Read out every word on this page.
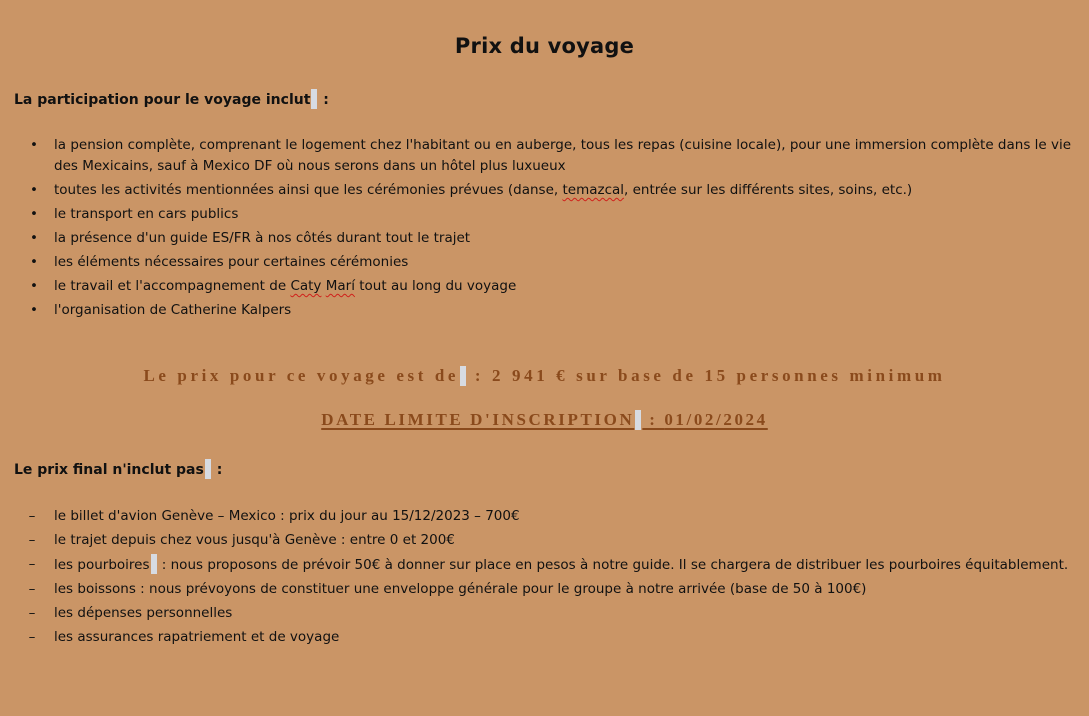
Prix du voyage
La participation pour le voyage inclut :
• la pension complète, comprenant le logement chez l'habitant ou en auberge, tous les repas (cuisine locale), pour une immersion complète dans le vie des Mexicains, sauf à Mexico DF où nous serons dans un hôtel plus luxueux
• toutes les activités mentionnées ainsi que les cérémonies prévues (danse, temazcal, entrée sur les différents sites, soins, etc.)
• le transport en cars publics
• la présence d'un guide ES/FR à nos côtés durant tout le trajet
• les éléments nécessaires pour certaines cérémonies
• le travail et l'accompagnement de Caty Marí tout au long du voyage
• l'organisation de Catherine Kalpers
Le prix pour ce voyage est de : 2 941 € sur base de 15 personnes minimum
DATE LIMITE D'INSCRIPTION : 01/02/2024
Le prix final n'inclut pas :
– le billet d'avion Genève – Mexico : prix du jour au 15/12/2023 – 700€
– le trajet depuis chez vous jusqu'à Genève : entre 0 et 200€
– les pourboires : nous proposons de prévoir 50€ à donner sur place en pesos à notre guide. Il se chargera de distribuer les pourboires équitablement.
– les boissons : nous prévoyons de constituer une enveloppe générale pour le groupe à notre arrivée (base de 50 à 100€)
– les dépenses personnelles
– les assurances rapatriement et de voyage
